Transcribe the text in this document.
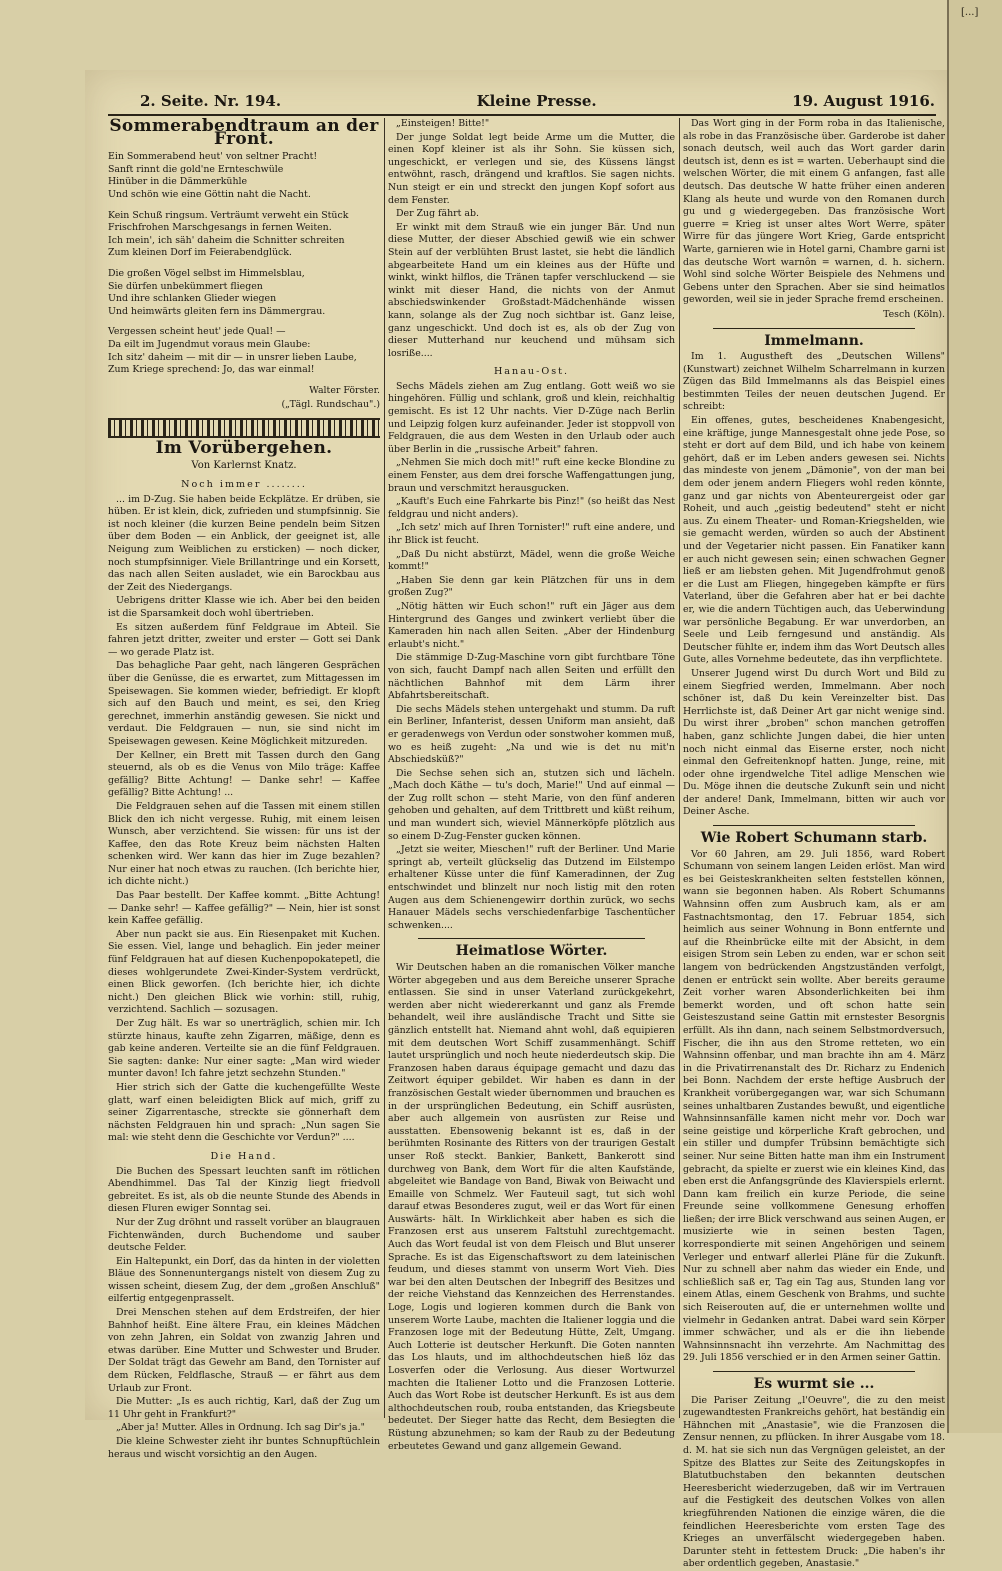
[...]
2. Seite. Nr. 194.	Kleine Presse.	19. August 1916.
Sommerabendtraum an der Front.

Ein Sommerabend heut' von seltner Pracht!

Sanft rinnt die gold'ne Ernteschwüle

Hinüber in die Dämmerkühle

Und schön wie eine Göttin naht die Nacht.

Kein Schuß ringsum. Verträumt verweht ein Stück

Frischfrohen Marschgesangs in fernen Weiten.

Ich mein', ich säh' daheim die Schnitter schreiten

Zum kleinen Dorf im Feierabendglück.

Die großen Vögel selbst im Himmelsblau,

Sie dürfen unbekümmert fliegen

Und ihre schlanken Glieder wiegen

Und heimwärts gleiten fern ins Dämmergrau.

Vergessen scheint heut' jede Qual! —

Da eilt im Jugendmut voraus mein Glaube:

Ich sitz' daheim — mit dir — in unsrer lieben Laube,

Zum Kriege sprechend: Jo, das war einmal!

Walter Förster.
(„Tägl. Rundschau".)
Im Vorübergehen.
Von Karlernst Knatz.
Noch immer ........

... im D-Zug. Sie haben beide Eckplätze. Er drüben, sie hüben. Er ist klein, dick, zufrieden und stumpfsinnig. Sie ist noch kleiner (die kurzen Beine pendeln beim Sitzen über dem Boden — ein Anblick, der geeignet ist, alle Neigung zum Weiblichen zu ersticken) — noch dicker, noch stumpfsinniger. Viele Brillantringe und ein Korsett, das nach allen Seiten ausladet, wie ein Barockbau aus der Zeit des Niedergangs.

Uebrigens dritter Klasse wie ich. Aber bei den beiden ist die Sparsamkeit doch wohl übertrieben.

Es sitzen außerdem fünf Feldgraue im Abteil. Sie fahren jetzt dritter, zweiter und erster — Gott sei Dank — wo gerade Platz ist.

Das behagliche Paar geht, nach längeren Gesprächen über die Genüsse, die es erwartet, zum Mittagessen im Speisewagen. Sie kommen wieder, befriedigt. Er klopft sich auf den Bauch und meint, es sei, den Krieg gerechnet, immerhin anständig gewesen. Sie nickt und verdaut. Die Feldgrauen — nun, sie sind nicht im Speisewagen gewesen. Keine Möglichkeit mitzureden.

Der Kellner, ein Brett mit Tassen durch den Gang steuernd, als ob es die Venus von Milo träge: Kaffee gefällig? Bitte Achtung! — Danke sehr! — Kaffee gefällig? Bitte Achtung! ...

Die Feldgrauen sehen auf die Tassen mit einem stillen Blick den ich nicht vergesse. Ruhig, mit einem leisen Wunsch, aber verzichtend. Sie wissen: für uns ist der Kaffee, den das Rote Kreuz beim nächsten Halten schenken wird. Wer kann das hier im Zuge bezahlen? Nur einer hat noch etwas zu rauchen. (Ich berichte hier, ich dichte nicht.)

Das Paar bestellt. Der Kaffee kommt. „Bitte Achtung! — Danke sehr! — Kaffee gefällig?" — Nein, hier ist sonst kein Kaffee gefällig.

Aber nun packt sie aus. Ein Riesenpaket mit Kuchen. Sie essen. Viel, lange und behaglich. Ein jeder meiner fünf Feldgrauen hat auf diesen Kuchenpopokatepetl, die dieses wohlgerundete Zwei-Kinder-System verdrückt, einen Blick geworfen. (Ich berichte hier, ich dichte nicht.) Den gleichen Blick wie vorhin: still, ruhig, verzichtend. Sachlich — sozusagen.

Der Zug hält. Es war so unerträglich, schien mir. Ich stürzte hinaus, kaufte zehn Zigarren, mäßige, denn es gab keine anderen. Verteilte sie an die fünf Feldgrauen. Sie sagten: danke: Nur einer sagte: „Man wird wieder munter davon! Ich fahre jetzt sechzehn Stunden."

Hier strich sich der Gatte die kuchengefüllte Weste glatt, warf einen beleidigten Blick auf mich, griff zu seiner Zigarrentasche, streckte sie gönnerhaft dem nächsten Feldgrauen hin und sprach: „Nun sagen Sie mal: wie steht denn die Geschichte vor Verdun?" ....

Die Hand.

Die Buchen des Spessart leuchten sanft im rötlichen Abendhimmel. Das Tal der Kinzig liegt friedvoll gebreitet. Es ist, als ob die neunte Stunde des Abends in diesen Fluren ewiger Sonntag sei.

Nur der Zug dröhnt und rasselt vorüber an blaugrauen Fichtenwänden, durch Buchendome und sauber deutsche Felder.

Ein Haltepunkt, ein Dorf, das da hinten in der violetten Bläue des Sonnenuntergangs nistelt von diesem Zug zu wissen scheint, diesem Zug, der dem „großen Anschluß" eilfertig entgegenprasselt.

Drei Menschen stehen auf dem Erdstreifen, der hier Bahnhof heißt. Eine ältere Frau, ein kleines Mädchen von zehn Jahren, ein Soldat von zwanzig Jahren und etwas darüber. Eine Mutter und Schwester und Bruder. Der Soldat trägt das Gewehr am Band, den Tornister auf dem Rücken, Feldflasche, Strauß — er fährt aus dem Urlaub zur Front.

Die Mutter: „Is es auch richtig, Karl, daß der Zug um 11 Uhr geht in Frankfurt?"

„Aber ja! Mutter. Alles in Ordnung. Ich sag Dir's ja."

Die kleine Schwester zieht ihr buntes Schnupftüchlein heraus und wischt vorsichtig an den Augen.

„Einsteigen! Bitte!"

Der junge Soldat legt beide Arme um die Mutter, die einen Kopf kleiner ist als ihr Sohn. Sie küssen sich, ungeschickt, er verlegen und sie, des Küssens längst entwöhnt, rasch, drängend und kraftlos. Sie sagen nichts. Nun steigt er ein und streckt den jungen Kopf sofort aus dem Fenster.

Der Zug fährt ab.

Er winkt mit dem Strauß wie ein junger Bär. Und nun diese Mutter, der dieser Abschied gewiß wie ein schwer Stein auf der verblühten Brust lastet, sie hebt die ländlich abgearbeitete Hand um ein kleines aus der Hüfte und winkt, winkt hilflos, die Tränen tapfer verschluckend — sie winkt mit dieser Hand, die nichts von der Anmut abschiedswinkender Großstadt-Mädchenhände wissen kann, solange als der Zug noch sichtbar ist. Ganz leise, ganz ungeschickt. Und doch ist es, als ob der Zug von dieser Mutterhand nur keuchend und mühsam sich losriße....

Hanau-Ost.

Sechs Mädels ziehen am Zug entlang. Gott weiß wo sie hingehören. Füllig und schlank, groß und klein, reichhaltig gemischt. Es ist 12 Uhr nachts. Vier D-Züge nach Berlin und Leipzig folgen kurz aufeinander. Jeder ist stoppvoll von Feldgrauen, die aus dem Westen in den Urlaub oder auch über Berlin in die „russische Arbeit" fahren.

„Nehmen Sie mich doch mit!" ruft eine kecke Blondine zu einem Fenster, aus dem drei forsche Waffengattungen jung, braun und verschmitzt herausgucken.

„Kauft's Euch eine Fahrkarte bis Pinz!" (so heißt das Nest feldgrau und nicht anders).

„Ich setz' mich auf Ihren Tornister!" ruft eine andere, und ihr Blick ist feucht.

„Daß Du nicht abstürzt, Mädel, wenn die große Weiche kommt!"

„Haben Sie denn gar kein Plätzchen für uns in dem großen Zug?"

„Nötig hätten wir Euch schon!" ruft ein Jäger aus dem Hintergrund des Ganges und zwinkert verliebt über die Kameraden hin nach allen Seiten. „Aber der Hindenburg erlaubt's nicht."

Die stämmige D-Zug-Maschine vorn gibt furchtbare Töne von sich, faucht Dampf nach allen Seiten und erfüllt den nächtlichen Bahnhof mit dem Lärm ihrer Abfahrtsbereitschaft.

Die sechs Mädels stehen untergehakt und stumm. Da ruft ein Berliner, Infanterist, dessen Uniform man ansieht, daß er geradenwegs von Verdun oder sonstwoher kommen muß, wo es heiß zugeht: „Na und wie is det nu mit'n Abschiedsküß?"

Die Sechse sehen sich an, stutzen sich und lächeln. „Mach doch Käthe — tu's doch, Marie!" Und auf einmal — der Zug rollt schon — steht Marie, von den fünf anderen gehoben und gehalten, auf dem Trittbrett und küßt reihum, und man wundert sich, wieviel Männerköpfe plötzlich aus so einem D-Zug-Fenster gucken können.

„Jetzt sie weiter, Mieschen!" ruft der Berliner. Und Marie springt ab, verteilt glückselig das Dutzend im Eilstempo erhaltener Küsse unter die fünf Kameradinnen, der Zug entschwindet und blinzelt nur noch listig mit den roten Augen aus dem Schienengewirr dorthin zurück, wo sechs Hanauer Mädels sechs verschiedenfarbige Taschentücher schwenken....

Heimatlose Wörter.

Wir Deutschen haben an die romanischen Völker manche Wörter abgegeben und aus dem Bereiche unserer Sprache entlassen. Sie sind in unser Vaterland zurückgekehrt, werden aber nicht wiedererkannt und ganz als Fremde behandelt, weil ihre ausländische Tracht und Sitte sie gänzlich entstellt hat. Niemand ahnt wohl, daß equipieren mit dem deutschen Wort Schiff zusammenhängt. Schiff lautet ursprünglich und noch heute niederdeutsch skip. Die Franzosen haben daraus équipage gemacht und dazu das Zeitwort équiper gebildet. Wir haben es dann in der französischen Gestalt wieder übernommen und brauchen es in der ursprünglichen Bedeutung, ein Schiff ausrüsten, aber auch allgemein von ausrüsten zur Reise und ausstatten. Ebensowenig bekannt ist es, daß in der berühmten Rosinante des Ritters von der traurigen Gestalt unser Roß steckt. Bankier, Bankett, Bankerott sind durchweg von Bank, dem Wort für die alten Kaufstände, abgeleitet wie Bandage von Band, Biwak von Beiwacht und Emaille von Schmelz. Wer Fauteuil sagt, tut sich wohl darauf etwas Besonderes zugut, weil er das Wort für einen Auswärts- hält. In Wirklichkeit aber haben es sich die Franzosen erst aus unserem Faltstuhl zurechtgemacht. Auch das Wort feudal ist von dem Fleisch und Blut unserer Sprache. Es ist das Eigenschaftswort zu dem lateinischen feudum, und dieses stammt von unserm Wort Vieh. Dies war bei den alten Deutschen der Inbegriff des Besitzes und der reiche Viehstand das Kennzeichen des Herrenstandes. Loge, Logis und logieren kommen durch die Bank von unserem Worte Laube, machten die Italiener loggia und die Franzosen loge mit der Bedeutung Hütte, Zelt, Umgang. Auch Lotterie ist deutscher Herkunft. Die Goten nannten das Los hlauts, und im althochdeutschen hieß löz das Losverfen oder die Verlosung. Aus dieser Wortwurzel machten die Italiener Lotto und die Franzosen Lotterie. Auch das Wort Robe ist deutscher Herkunft. Es ist aus dem althochdeutschen roub, rouba entstanden, das Kriegsbeute bedeutet. Der Sieger hatte das Recht, dem Besiegten die Rüstung abzunehmen; so kam der Raub zu der Bedeutung erbeutetes Gewand und ganz allgemein Gewand.

Das Wort ging in der Form roba in das Italienische, als robe in das Französische über. Garderobe ist daher sonach deutsch, weil auch das Wort garder darin deutsch ist, denn es ist = warten. Ueberhaupt sind die welschen Wörter, die mit einem G anfangen, fast alle deutsch. Das deutsche W hatte früher einen anderen Klang als heute und wurde von den Romanen durch gu und g wiedergegeben. Das französische Wort guerre = Krieg ist unser altes Wort Werre, später Wirre für das jüngere Wort Krieg, Garde entspricht Warte, garnieren wie in Hotel garni, Chambre garni ist das deutsche Wort warnôn = warnen, d. h. sichern. Wohl sind solche Wörter Beispiele des Nehmens und Gebens unter den Sprachen. Aber sie sind heimatlos geworden, weil sie in jeder Sprache fremd erscheinen.

Tesch (Köln).
Immelmann.

Im 1. Augustheft des „Deutschen Willens" (Kunstwart) zeichnet Wilhelm Scharrelmann in kurzen Zügen das Bild Immelmanns als das Beispiel eines bestimmten Teiles der neuen deutschen Jugend. Er schreibt:

Ein offenes, gutes, bescheidenes Knabengesicht, eine kräftige, junge Mannesgestalt ohne jede Pose, so steht er dort auf dem Bild, und ich habe von keinem gehört, daß er im Leben anders gewesen sei. Nichts das mindeste von jenem „Dämonie", von der man bei dem oder jenem andern Fliegers wohl reden könnte, ganz und gar nichts von Abenteurergeist oder gar Roheit, und auch „geistig bedeutend" steht er nicht aus. Zu einem Theater- und Roman-Kriegshelden, wie sie gemacht werden, würden so auch der Abstinent und der Vegetarier nicht passen. Ein Fanatiker kann er auch nicht gewesen sein; einen schwachen Gegner ließ er am liebsten gehen. Mit Jugendfrohmut genoß er die Lust am Fliegen, hingegeben kämpfte er fürs Vaterland, über die Gefahren aber hat er bei dachte er, wie die andern Tüchtigen auch, das Ueberwindung war persönliche Begabung. Er war unverdorben, an Seele und Leib ferngesund und anständig. Als Deutscher fühlte er, indem ihm das Wort Deutsch alles Gute, alles Vornehme bedeutete, das ihn verpflichtete.

Unserer Jugend wirst Du durch Wort und Bild zu einem Siegfried werden, Immelmann. Aber noch schöner ist, daß Du kein Vereinzelter bist. Das Herrlichste ist, daß Deiner Art gar nicht wenige sind. Du wirst ihrer „broben" schon manchen getroffen haben, ganz schlichte Jungen dabei, die hier unten noch nicht einmal das Eiserne erster, noch nicht einmal den Gefreitenknopf hatten. Junge, reine, mit oder ohne irgendwelche Titel adlige Menschen wie Du. Möge ihnen die deutsche Zukunft sein und nicht der andere! Dank, Immelmann, bitten wir auch vor Deiner Asche.

Wie Robert Schumann starb.

Vor 60 Jahren, am 29. Juli 1856, ward Robert Schumann von seinem langen Leiden erlöst. Man wird es bei Geisteskrankheiten selten feststellen können, wann sie begonnen haben. Als Robert Schumanns Wahnsinn offen zum Ausbruch kam, als er am Fastnachtsmontag, den 17. Februar 1854, sich heimlich aus seiner Wohnung in Bonn entfernte und auf die Rheinbrücke eilte mit der Absicht, in dem eisigen Strom sein Leben zu enden, war er schon seit langem von bedrückenden Angstzuständen verfolgt, denen er entrückt sein wollte. Aber bereits geraume Zeit vorher waren Absonderlichkeiten bei ihm bemerkt worden, und oft schon hatte sein Geisteszustand seine Gattin mit ernstester Besorgnis erfüllt. Als ihn dann, nach seinem Selbstmordversuch, Fischer, die ihn aus den Strome retteten, wo ein Wahnsinn offenbar, und man brachte ihn am 4. März in die Privatirrenanstalt des Dr. Richarz zu Endenich bei Bonn. Nachdem der erste heftige Ausbruch der Krankheit vorübergegangen war, war sich Schumann seines unhaltbaren Zustandes bewußt, und eigentliche Wahnsinnsanfälle kamen nicht mehr vor. Doch war seine geistige und körperliche Kraft gebrochen, und ein stiller und dumpfer Trübsinn bemächtigte sich seiner. Nur seine Bitten hatte man ihm ein Instrument gebracht, da spielte er zuerst wie ein kleines Kind, das eben erst die Anfangsgründe des Klavierspiels erlernt. Dann kam freilich ein kurze Periode, die seine Freunde seine vollkommene Genesung erhoffen ließen; der irre Blick verschwand aus seinen Augen, er musizierte wie in seinen besten Tagen, korrespondierte mit seinen Angehörigen und seinem Verleger und entwarf allerlei Pläne für die Zukunft. Nur zu schnell aber nahm das wieder ein Ende, und schließlich saß er, Tag ein Tag aus, Stunden lang vor einem Atlas, einem Geschenk von Brahms, und suchte sich Reiserouten auf, die er unternehmen wollte und vielmehr in Gedanken antrat. Dabei ward sein Körper immer schwächer, und als er die ihn liebende Wahnsinnsnacht ihn verzehrte. Am Nachmittag des 29. Juli 1856 verschied er in den Armen seiner Gattin.

Es wurmt sie ...

Die Pariser Zeitung „l'Oeuvre", die zu den meist zugewandtesten Frankreichs gehört, hat beständig ein Hähnchen mit „Anastasie", wie die Franzosen die Zensur nennen, zu pflücken. In ihrer Ausgabe vom 18. d. M. hat sie sich nun das Vergnügen geleistet, an der Spitze des Blattes zur Seite des Zeitungskopfes in Blatutbuchstaben den bekannten deutschen Heeresbericht wiederzugeben, daß wir im Vertrauen auf die Festigkeit des deutschen Volkes von allen kriegführenden Nationen die einzige wären, die die feindlichen Heeresberichte vom ersten Tage des Krieges an unverfälscht wiedergegeben haben. Darunter steht in fettestem Druck: „Die haben's ihr aber ordentlich gegeben, Anastasie."
